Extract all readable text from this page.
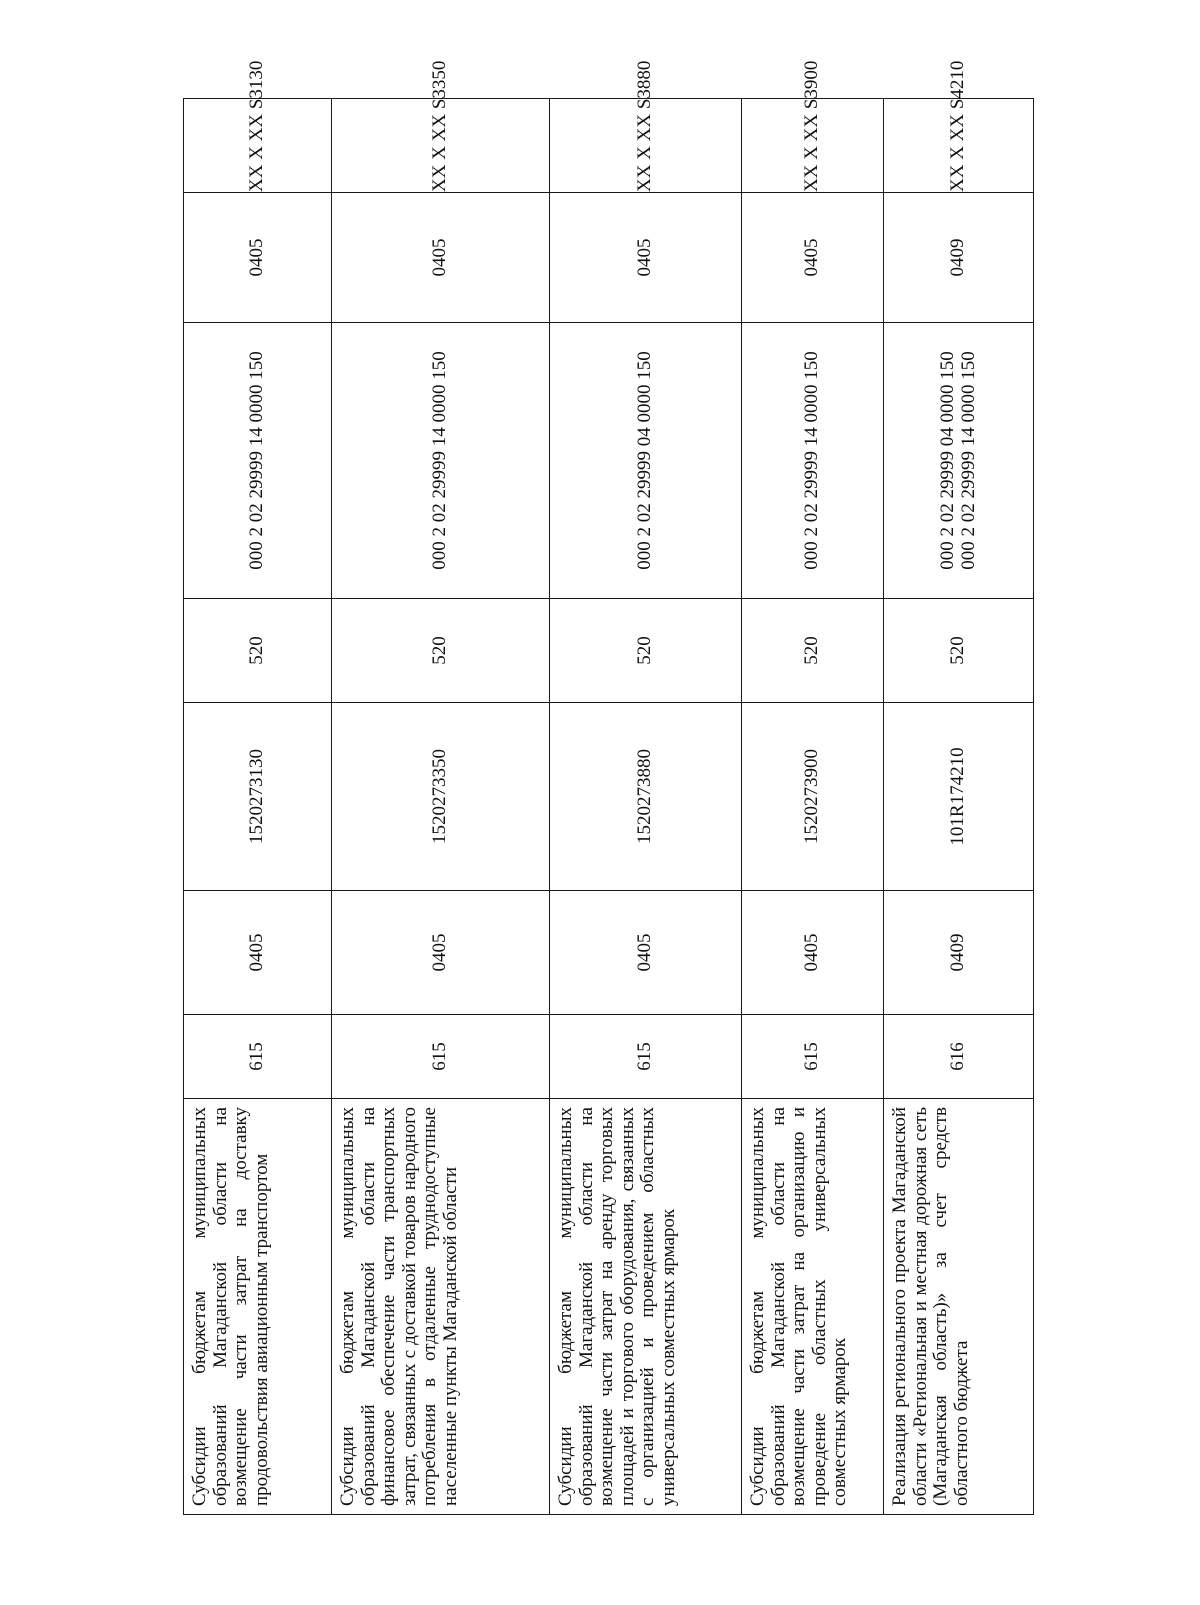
Субсидии бюджетам муниципальных образований Магаданской области на возмещение части затрат на доставку продовольствия авиационным транспортом	615	0405	1520273130	520	000 2 02 29999 14 0000 150	0405	XX X XX S3130
Субсидии бюджетам муниципальных образований Магаданской области на финансовое обеспечение части транспортных затрат, связанных с доставкой товаров народного потребления в отдаленные труднодоступные населенные пункты Магаданской области	615	0405	1520273350	520	000 2 02 29999 14 0000 150	0405	XX X XX S3350
Субсидии бюджетам муниципальных образований Магаданской области на возмещение части затрат на аренду торговых площадей и торгового оборудования, связанных с организацией и проведением областных универсальных совместных ярмарок	615	0405	1520273880	520	000 2 02 29999 04 0000 150	0405	XX X XX S3880
Субсидии бюджетам муниципальных образований Магаданской области на возмещение части затрат на организацию и проведение областных универсальных совместных ярмарок	615	0405	1520273900	520	000 2 02 29999 14 0000 150	0405	XX X XX S3900
Реализация регионального проекта Магаданской области «Региональная и местная дорожная сеть (Магаданская область)» за счет средств областного бюджета	616	0409	101R174210	520	000 2 02 29999 04 0000 150 000 2 02 29999 14 0000 150	0409	XX X XX S4210
